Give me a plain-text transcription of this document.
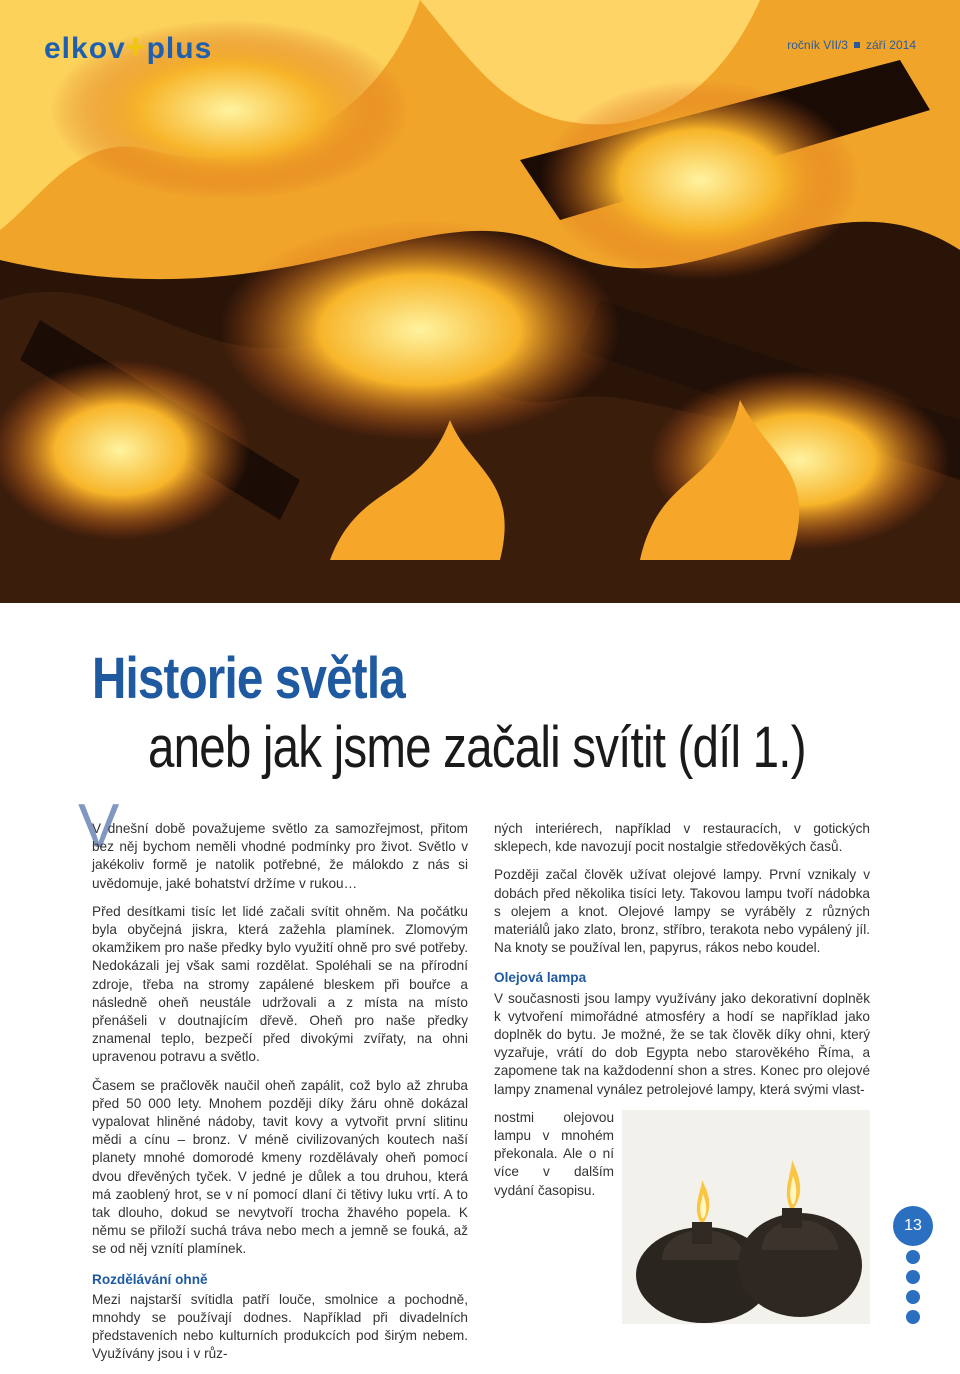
elkov+plus	ročník VII/3 září 2014
Historie světla
aneb jak jsme začali svítit (díl 1.)
V

V dnešní době považujeme světlo za samozřejmost, přitom bez něj bychom neměli vhodné podmínky pro život. Světlo v jakékoliv formě je natolik potřebné, že málokdo z nás si uvědomuje, jaké bohatství držíme v rukou…

Před desítkami tisíc let lidé začali svítit ohněm. Na počátku byla obyčejná jiskra, která zažehla plamínek. Zlomovým okamžikem pro naše předky bylo využití ohně pro své potřeby. Nedokázali jej však sami rozdělat. Spoléhali se na přírodní zdroje, třeba na stromy zapálené bleskem při bouřce a následně oheň neustále udržovali a z místa na místo přenášeli v doutnajícím dřevě. Oheň pro naše předky znamenal teplo, bezpečí před divokými zvířaty, na ohni upravenou potravu a světlo.

Časem se pračlověk naučil oheň zapálit, což bylo až zhruba před 50 000 lety. Mnohem později díky žáru ohně dokázal vypalovat hliněné nádoby, tavit kovy a vytvořit první slitinu mědi a cínu – bronz. V méně civilizovaných koutech naší planety mnohé domorodé kmeny rozdělávaly oheň pomocí dvou dřevěných tyček. V jedné je důlek a tou druhou, která má zaoblený hrot, se v ní pomocí dlaní či tětivy luku vrtí. A to tak dlouho, dokud se nevytvoří trocha žhavého popela. K němu se přiloží suchá tráva nebo mech a jemně se fouká, až se od něj vznítí plamínek.

Rozdělávání ohně

Mezi najstarší svítidla patří louče, smolnice a pochodně, mnohdy se používají dodnes. Například při divadelních představeních nebo kulturních produkcích pod širým nebem. Využívány jsou i v růz-

ných interiérech, například v restauracích, v gotických sklepech, kde navozují pocit nostalgie středověkých časů.

Později začal člověk užívat olejové lampy. První vznikaly v dobách před několika tisíci lety. Takovou lampu tvoří nádobka s olejem a knot. Olejové lampy se vyráběly z různých materiálů jako zlato, bronz, stříbro, terakota nebo vypálený jíl. Na knoty se používal len, papyrus, rákos nebo koudel.

Olejová lampa

V současnosti jsou lampy využívány jako dekorativní doplněk k vytvoření mimořádné atmosféry a hodí se například jako doplněk do bytu. Je možné, že se tak člověk díky ohni, který vyzařuje, vrátí do dob Egypta nebo starověkého Říma, a zapomene tak na každodenní shon a stres. Konec pro olejové lampy znamenal vynález petrolejové lampy, která svými vlast-

nostmi olejovou lampu v mnohém překonala. Ale o ní více v dalším vydání časopisu.

13
